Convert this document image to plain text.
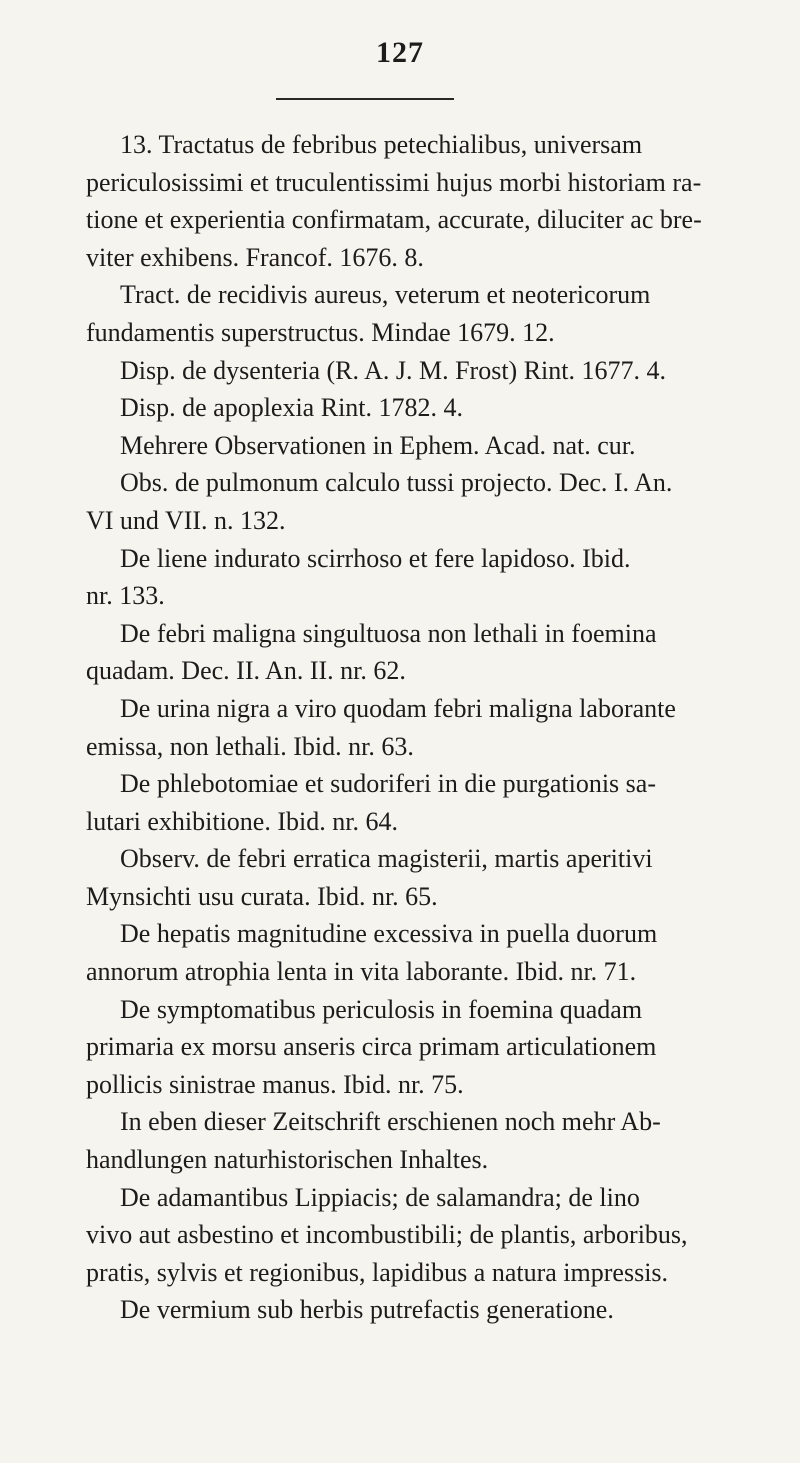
127
13. Tractatus de febribus petechialibus, universam
periculosissimi et truculentissimi hujus morbi historiam ra-
tione et experientia confirmatam, accurate, diluciter ac bre-
viter exhibens. Francof. 1676. 8.
Tract. de recidivis aureus, veterum et neotericorum
fundamentis superstructus. Mindae 1679. 12.
Disp. de dysenteria (R. A. J. M. Frost) Rint. 1677. 4.
Disp. de apoplexia Rint. 1782. 4.
Mehrere Observationen in Ephem. Acad. nat. cur.
Obs. de pulmonum calculo tussi projecto. Dec. I. An.
VI und VII. n. 132.
De liene indurato scirrhoso et fere lapidoso. Ibid.
nr. 133.
De febri maligna singultuosa non lethali in foemina
quadam. Dec. II. An. II. nr. 62.
De urina nigra a viro quodam febri maligna laborante
emissa, non lethali. Ibid. nr. 63.
De phlebotomiae et sudoriferi in die purgationis sa-
lutari exhibitione. Ibid. nr. 64.
Observ. de febri erratica magisterii, martis aperitivi
Mynsichti usu curata. Ibid. nr. 65.
De hepatis magnitudine excessiva in puella duorum
annorum atrophia lenta in vita laborante. Ibid. nr. 71.
De symptomatibus periculosis in foemina quadam
primaria ex morsu anseris circa primam articulationem
pollicis sinistrae manus. Ibid. nr. 75.
In eben dieser Zeitschrift erschienen noch mehr Ab-
handlungen naturhistorischen Inhaltes.
De adamantibus Lippiacis; de salamandra; de lino
vivo aut asbestino et incombustibili; de plantis, arboribus,
pratis, sylvis et regionibus, lapidibus a natura impressis.
De vermium sub herbis putrefactis generatione.
